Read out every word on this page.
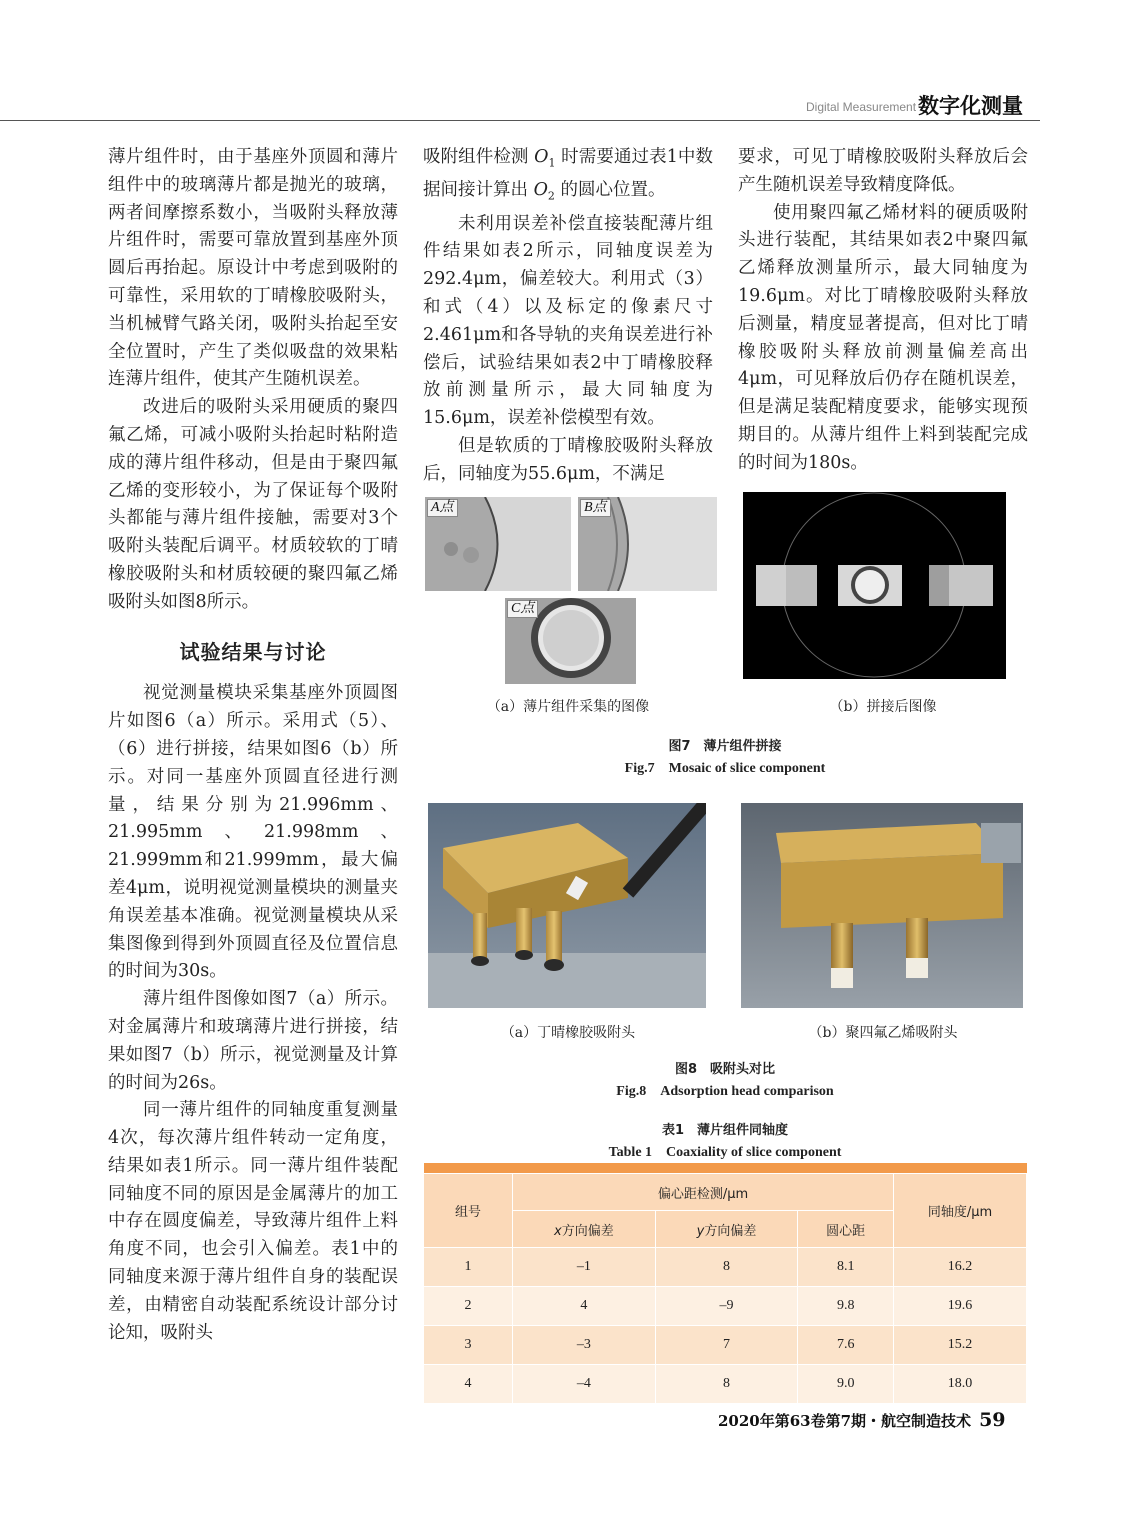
Digital Measurement 数字化测量

薄片组件时，由于基座外顶圆和薄片组件中的玻璃薄片都是抛光的玻璃，两者间摩擦系数小，当吸附头释放薄片组件时，需要可靠放置到基座外顶圆后再抬起。原设计中考虑到吸附的可靠性，采用软的丁晴橡胶吸附头，当机械臂气路关闭，吸附头抬起至安全位置时，产生了类似吸盘的效果粘连薄片组件，使其产生随机误差。

改进后的吸附头采用硬质的聚四氟乙烯，可减小吸附头抬起时粘附造成的薄片组件移动，但是由于聚四氟乙烯的变形较小，为了保证每个吸附头都能与薄片组件接触，需要对3个吸附头装配后调平。材质较软的丁晴橡胶吸附头和材质较硬的聚四氟乙烯吸附头如图8所示。

试验结果与讨论

视觉测量模块采集基座外顶圆图片如图6（a）所示。采用式（5）、（6）进行拼接，结果如图6（b）所示。对同一基座外顶圆直径进行测量，结果分别为21.996mm、21.995mm、21.998mm、21.999mm和21.999mm，最大偏差4μm，说明视觉测量模块的测量夹角误差基本准确。视觉测量模块从采集图像到得到外顶圆直径及位置信息的时间为30s。

薄片组件图像如图7（a）所示。对金属薄片和玻璃薄片进行拼接，结果如图7（b）所示，视觉测量及计算的时间为26s。

同一薄片组件的同轴度重复测量4次，每次薄片组件转动一定角度，结果如表1所示。同一薄片组件装配同轴度不同的原因是金属薄片的加工中存在圆度偏差，导致薄片组件上料角度不同，也会引入偏差。表1中的同轴度来源于薄片组件自身的装配误差，由精密自动装配系统设计部分讨论知，吸附头

吸附组件检测 $O_1$ 时需要通过表1中数据间接计算出 $O_2$ 的圆心位置。

未利用误差补偿直接装配薄片组件结果如表2所示，同轴度误差为292.4μm，偏差较大。利用式（3）和式（4）以及标定的像素尺寸2.461μm和各导轨的夹角误差进行补偿后，试验结果如表2中丁晴橡胶释放前测量所示，最大同轴度为15.6μm，误差补偿模型有效。

但是软质的丁晴橡胶吸附头释放后，同轴度为55.6μm，不满足

要求，可见丁晴橡胶吸附头释放后会产生随机误差导致精度降低。

使用聚四氟乙烯材料的硬质吸附头进行装配，其结果如表2中聚四氟乙烯释放测量所示，最大同轴度为19.6μm。对比丁晴橡胶吸附头释放后测量，精度显著提高，但对比丁晴橡胶吸附头释放前测量偏差高出4μm，可见释放后仍存在随机误差，但是满足装配精度要求，能够实现预期目的。从薄片组件上料到装配完成的时间为180s。

A点	B点
C点
（a）薄片组件采集的图像	（b）拼接后图像
图7　薄片组件拼接
Fig.7　Mosaic of slice component
（a）丁晴橡胶吸附头	（b）聚四氟乙烯吸附头
图8　吸附头对比
Fig.8　Adsorption head comparison
表1　薄片组件同轴度
Table 1　Coaxiality of slice component

组号	偏心距检测/μm			同轴度/μm
	x方向偏差	y方向偏差	圆心距	
1	–1	8	8.1	16.2
2	4	–9	9.8	19.6
3	–3	7	7.6	15.2
4	–4	8	9.0	18.0
2020年第63卷第7期・航空制造技术 59
